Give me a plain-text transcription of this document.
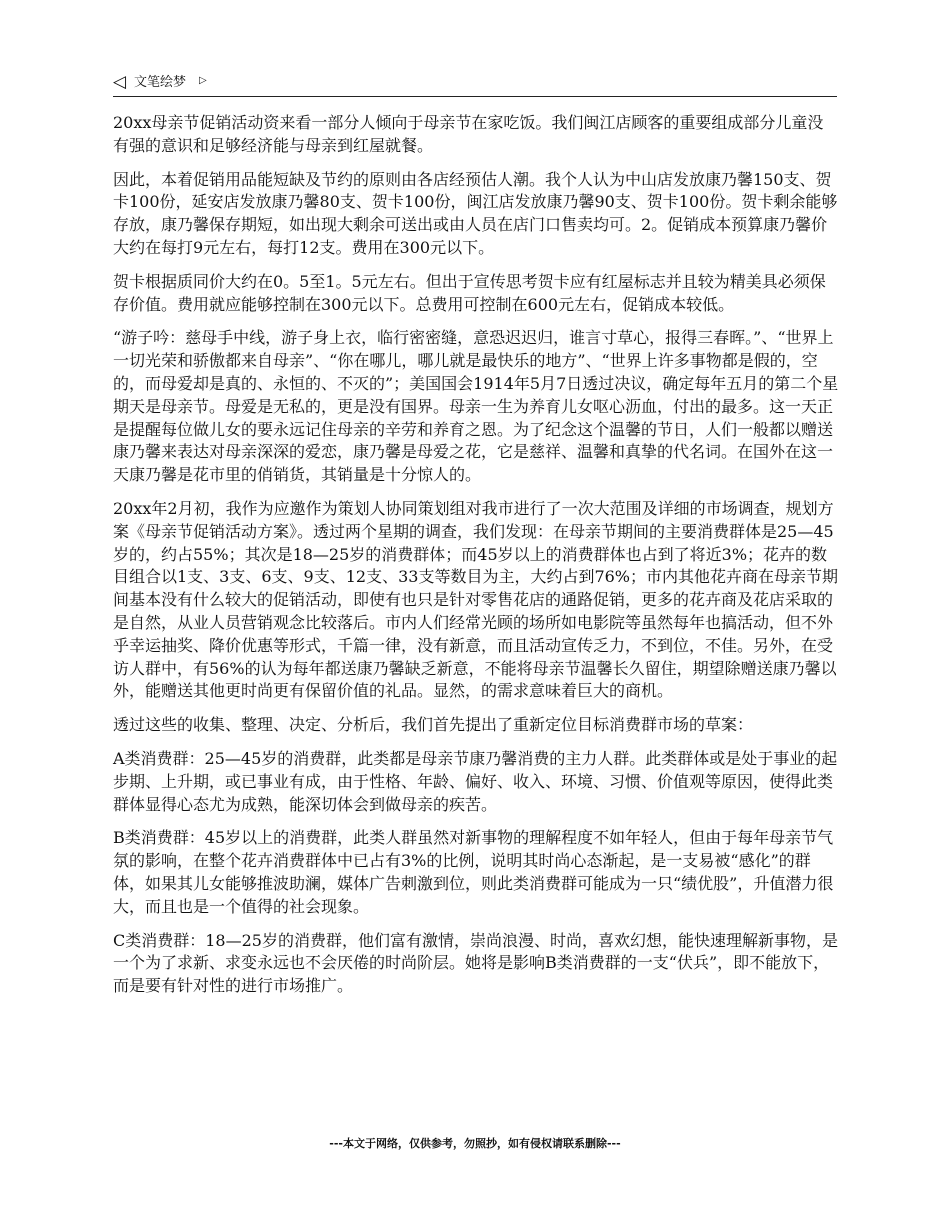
◁ 文笔绘梦 ▷

20xx母亲节促销活动资来看一部分人倾向于母亲节在家吃饭。我们闽江店顾客的重要组成部分儿童没有强的意识和足够经济能与母亲到红屋就餐。

因此，本着促销用品能短缺及节约的原则由各店经预估人潮。我个人认为中山店发放康乃馨150支、贺卡100份，延安店发放康乃馨80支、贺卡100份，闽江店发放康乃馨90支、贺卡100份。贺卡剩余能够存放，康乃馨保存期短，如出现大剩余可送出或由人员在店门口售卖均可。2。促销成本预算康乃馨价大约在每打9元左右，每打12支。费用在300元以下。

贺卡根据质同价大约在0。5至1。5元左右。但出于宣传思考贺卡应有红屋标志并且较为精美具必须保存价值。费用就应能够控制在300元以下。总费用可控制在600元左右，促销成本较低。

“游子吟：慈母手中线，游子身上衣，临行密密缝，意恐迟迟归，谁言寸草心，报得三春晖。”、“世界上一切光荣和骄傲都来自母亲”、“你在哪儿，哪儿就是最快乐的地方”、“世界上许多事物都是假的，空的，而母爱却是真的、永恒的、不灭的”；美国国会1914年5月7日透过决议，确定每年五月的第二个星期天是母亲节。母爱是无私的，更是没有国界。母亲一生为养育儿女呕心沥血，付出的最多。这一天正是提醒每位做儿女的要永远记住母亲的辛劳和养育之恩。为了纪念这个温馨的节日，人们一般都以赠送康乃馨来表达对母亲深深的爱恋，康乃馨是母爱之花，它是慈祥、温馨和真挚的代名词。在国外在这一天康乃馨是花市里的俏销货，其销量是十分惊人的。

20xx年2月初，我作为应邀作为策划人协同策划组对我市进行了一次大范围及详细的市场调查，规划方案《母亲节促销活动方案》。透过两个星期的调查，我们发现：在母亲节期间的主要消费群体是25—45岁的，约占55%；其次是18—25岁的消费群体；而45岁以上的消费群体也占到了将近3%；花卉的数目组合以1支、3支、6支、9支、12支、33支等数目为主，大约占到76%；市内其他花卉商在母亲节期间基本没有什么较大的促销活动，即使有也只是针对零售花店的通路促销，更多的花卉商及花店采取的是自然，从业人员营销观念比较落后。市内人们经常光顾的场所如电影院等虽然每年也搞活动，但不外乎幸运抽奖、降价优惠等形式，千篇一律，没有新意，而且活动宣传乏力，不到位，不佳。另外，在受访人群中，有56%的认为每年都送康乃馨缺乏新意，不能将母亲节温馨长久留住，期望除赠送康乃馨以外，能赠送其他更时尚更有保留价值的礼品。显然，的需求意味着巨大的商机。

透过这些的收集、整理、决定、分析后，我们首先提出了重新定位目标消费群市场的草案：

A类消费群：25—45岁的消费群，此类都是母亲节康乃馨消费的主力人群。此类群体或是处于事业的起步期、上升期，或已事业有成，由于性格、年龄、偏好、收入、环境、习惯、价值观等原因，使得此类群体显得心态尤为成熟，能深切体会到做母亲的疾苦。

B类消费群：45岁以上的消费群，此类人群虽然对新事物的理解程度不如年轻人，但由于每年母亲节气氛的影响，在整个花卉消费群体中已占有3%的比例，说明其时尚心态渐起，是一支易被“感化”的群体，如果其儿女能够推波助澜，媒体广告刺激到位，则此类消费群可能成为一只“绩优股”，升值潜力很大，而且也是一个值得的社会现象。

C类消费群：18—25岁的消费群，他们富有激情，崇尚浪漫、时尚，喜欢幻想，能快速理解新事物，是一个为了求新、求变永远也不会厌倦的时尚阶层。她将是影响B类消费群的一支“伏兵”，即不能放下，而是要有针对性的进行市场推广。

---本文于网络，仅供参考，勿照抄，如有侵权请联系删除---
